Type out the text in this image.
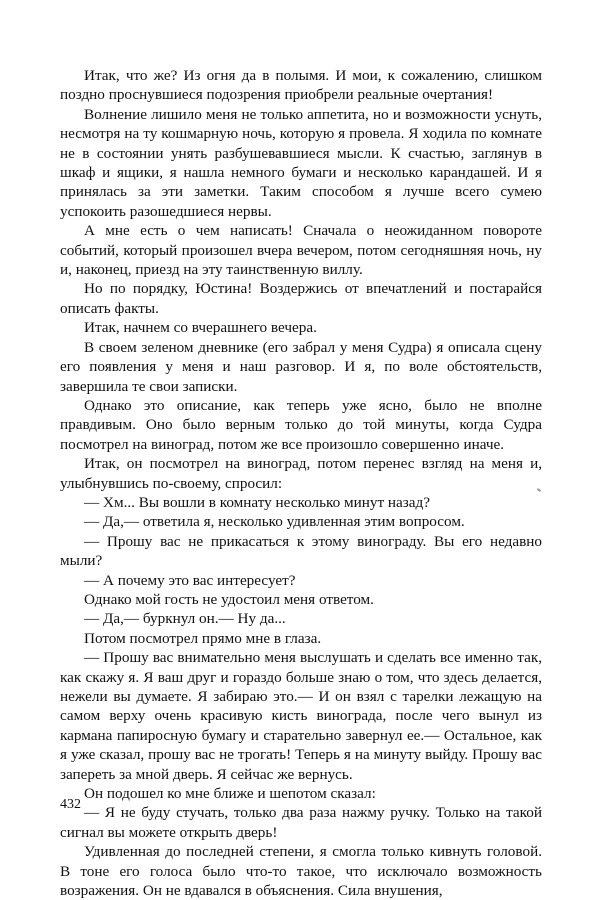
Итак, что же? Из огня да в полымя. И мои, к сожалению, слишком поздно проснувшиеся подозрения приобрели реальные очертания!

Волнение лишило меня не только аппетита, но и возможности уснуть, несмотря на ту кошмарную ночь, которую я провела. Я ходила по комнате не в состоянии унять разбушевавшиеся мысли. К счастью, заглянув в шкаф и ящики, я нашла немного бумаги и несколько карандашей. И я принялась за эти заметки. Таким способом я лучше всего сумею успокоить разошедшиеся нервы.

А мне есть о чем написать! Сначала о неожиданном повороте событий, который произошел вчера вечером, потом сегодняшняя ночь, ну и, наконец, приезд на эту таинственную виллу.

Но по порядку, Юстина! Воздержись от впечатлений и постарайся описать факты.

Итак, начнем со вчерашнего вечера.

В своем зеленом дневнике (его забрал у меня Судра) я описала сцену его появления у меня и наш разговор. И я, по воле обстоятельств, завершила те свои записки.

Однако это описание, как теперь уже ясно, было не вполне правдивым. Оно было верным только до той минуты, когда Судра посмотрел на виноград, потом же все произошло совершенно иначе.

Итак, он посмотрел на виноград, потом перенес взгляд на меня и, улыбнувшись по-своему, спросил:

— Хм... Вы вошли в комнату несколько минут назад?

— Да,— ответила я, несколько удивленная этим вопросом.

— Прошу вас не прикасаться к этому винограду. Вы его недавно мыли?

— А почему это вас интересует?

Однако мой гость не удостоил меня ответом.

— Да,— буркнул он.— Ну да...

Потом посмотрел прямо мне в глаза.

— Прошу вас внимательно меня выслушать и сделать все именно так, как скажу я. Я ваш друг и гораздо больше знаю о том, что здесь делается, нежели вы думаете. Я забираю это.— И он взял с тарелки лежащую на самом верху очень красивую кисть винограда, после чего вынул из кармана папиросную бумагу и старательно завернул ее.— Остальное, как я уже сказал, прошу вас не трогать! Теперь я на минуту выйду. Прошу вас запереть за мной дверь. Я сейчас же вернусь.

Он подошел ко мне ближе и шепотом сказал:

— Я не буду стучать, только два раза нажму ручку. Только на такой сигнал вы можете открыть дверь!

Удивленная до последней степени, я смогла только кивнуть головой. В тоне его голоса было что-то такое, что исключало возможность возражения. Он не вдавался в объяснения. Сила внушения,

432
